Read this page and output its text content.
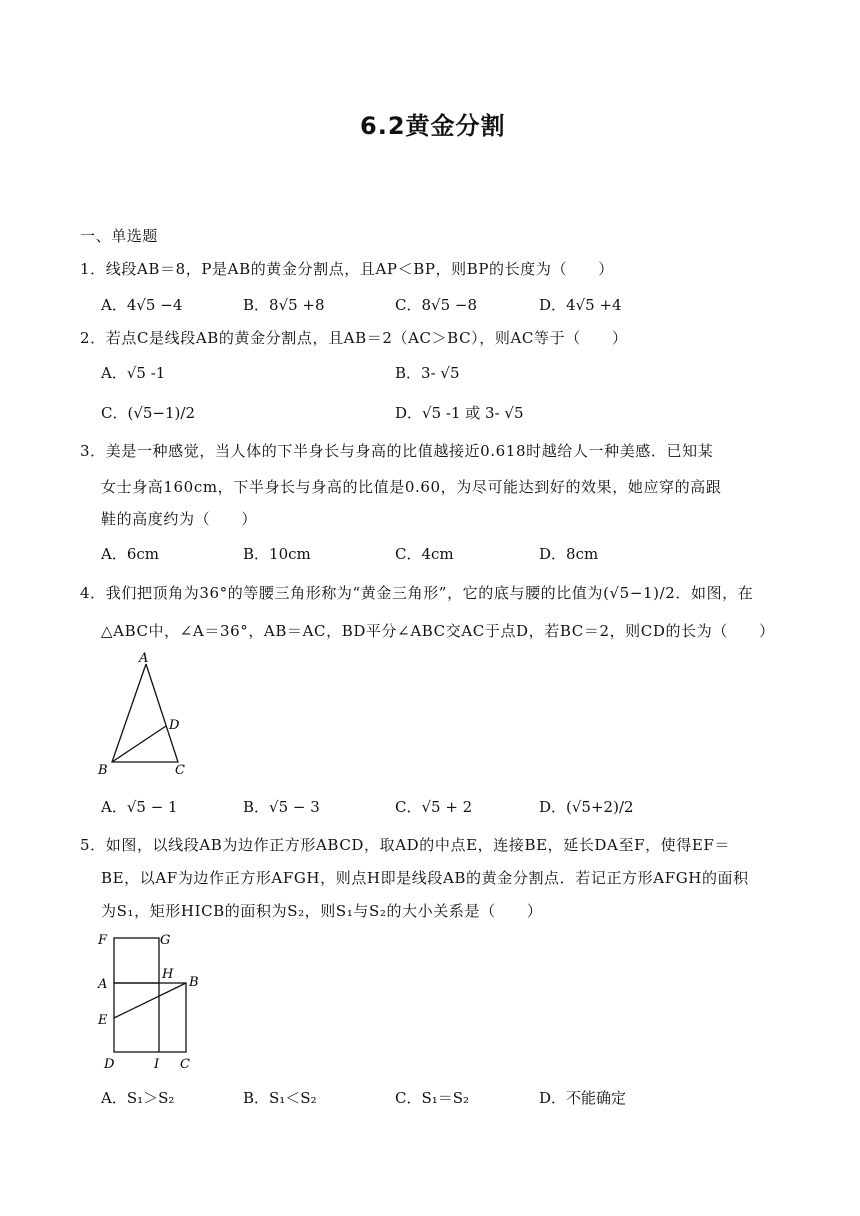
6.2黄金分割
一、单选题
1．线段AB＝8，P是AB的黄金分割点，且AP＜BP，则BP的长度为（　　）
A．4√5 −4	B．8√5 +8	C．8√5 −8	D．4√5 +4
2．若点C是线段AB的黄金分割点，且AB＝2（AC＞BC），则AC等于（　　）
A．√5 -1	B．3- √5
C．(√5−1)/2	D．√5 -1 或 3- √5
3．美是一种感觉，当人体的下半身长与身高的比值越接近0.618时越给人一种美感．已知某
女士身高160cm，下半身长与身高的比值是0.60，为尽可能达到好的效果，她应穿的高跟
鞋的高度约为（　　）
A．6cm	B．10cm	C．4cm	D．8cm
4．我们把顶角为36°的等腰三角形称为“黄金三角形”，它的底与腰的比值为(√5−1)/2．如图，在
△ABC中，∠A＝36°，AB＝AC，BD平分∠ABC交AC于点D，若BC＝2，则CD的长为（　　）
A
D
B	C
A．√5 − 1	B．√5 − 3	C．√5 + 2	D．(√5+2)/2
5．如图，以线段AB为边作正方形ABCD，取AD的中点E，连接BE，延长DA至F，使得EF＝
BE，以AF为边作正方形AFGH，则点H即是线段AB的黄金分割点．若记正方形AFGH的面积
为S₁，矩形HICB的面积为S₂，则S₁与S₂的大小关系是（　　）
F	G
H
A	B
E
D	I C
A．S₁＞S₂	B．S₁＜S₂	C．S₁＝S₂	D．不能确定
